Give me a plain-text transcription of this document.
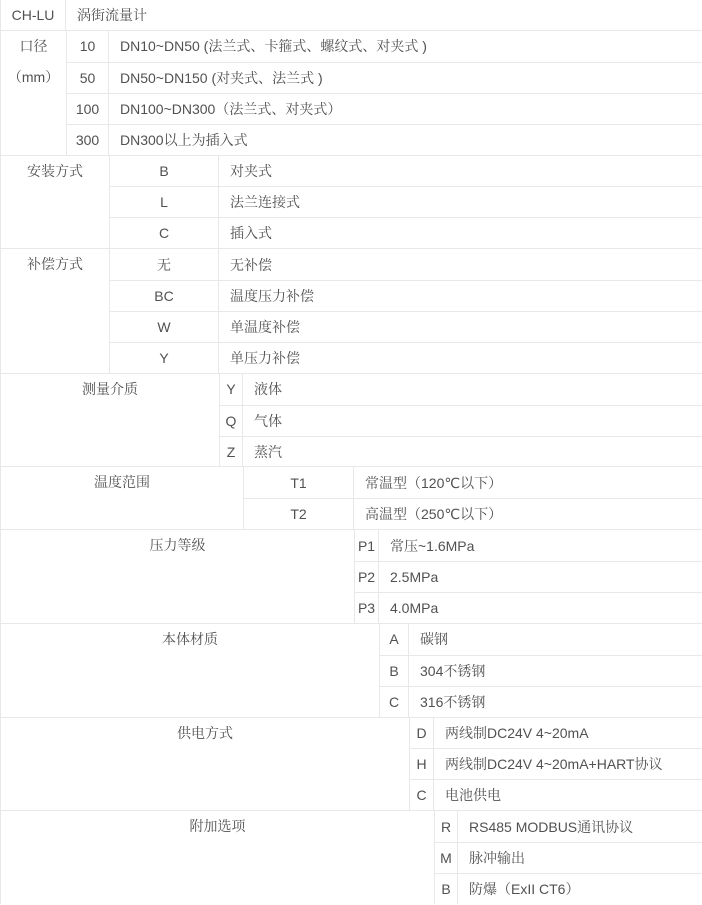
CH-LU	涡街流量计
口径
（mm）
10	DN10~DN50 (法兰式、卡箍式、螺纹式、对夹式 )
50	DN50~DN150 (对夹式、法兰式 )
100	DN100~DN300（法兰式、对夹式）
300	DN300以上为插入式
安装方式	B	对夹式
L	法兰连接式
C	插入式
补偿方式	无	无补偿
BC	温度压力补偿
W	单温度补偿
Y	单压力补偿
测量介质	Y	液体
Q	气体
Z	蒸汽
温度范围	T1	常温型（120℃以下）
T2	高温型（250℃以下）
压力等级	P1	常压~1.6MPa
P2	2.5MPa
P3	4.0MPa
本体材质	A	碳钢
B	304不锈钢
C	316不锈钢
供电方式	D	两线制DC24V 4~20mA
H	两线制DC24V 4~20mA+HART协议
C	电池供电
附加选项	R	RS485 MODBUS通讯协议
M	脉冲输出
B	防爆（ExII CT6）
